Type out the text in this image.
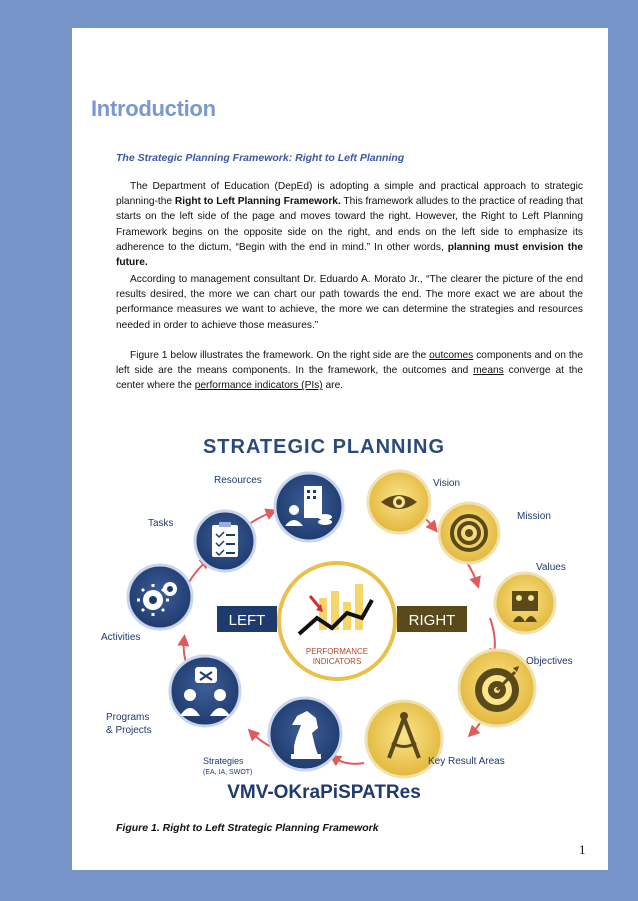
Introduction
The Strategic Planning Framework: Right to Left Planning
The Department of Education (DepEd) is adopting a simple and practical approach to strategic planning-the Right to Left Planning Framework. This framework alludes to the practice of reading that starts on the left side of the page and moves toward the right. However, the Right to Left Planning Framework begins on the opposite side on the right, and ends on the left side to emphasize its adherence to the dictum, “Begin with the end in mind.” In other words, planning must envision the future.
According to management consultant Dr. Eduardo A. Morato Jr., “The clearer the picture of the end results desired, the more we can chart our path towards the end. The more exact we are about the performance measures we want to achieve, the more we can determine the strategies and resources needed in order to achieve those measures.”
Figure 1 below illustrates the framework. On the right side are the outcomes components and on the left side are the means components. In the framework, the outcomes and means converge at the center where the performance indicators (PIs) are.
STRATEGIC PLANNING
LEFT	RIGHT
PERFORMANCE
INDICATORS
Resources
Tasks
Activities
Programs
& Projects
Strategies
(EA, IA, SWOT)
Vision
Mission
Values
Objectives
Key Result Areas
VMV-OKraPiSPATRes
Figure 1. Right to Left Strategic Planning Framework
1
